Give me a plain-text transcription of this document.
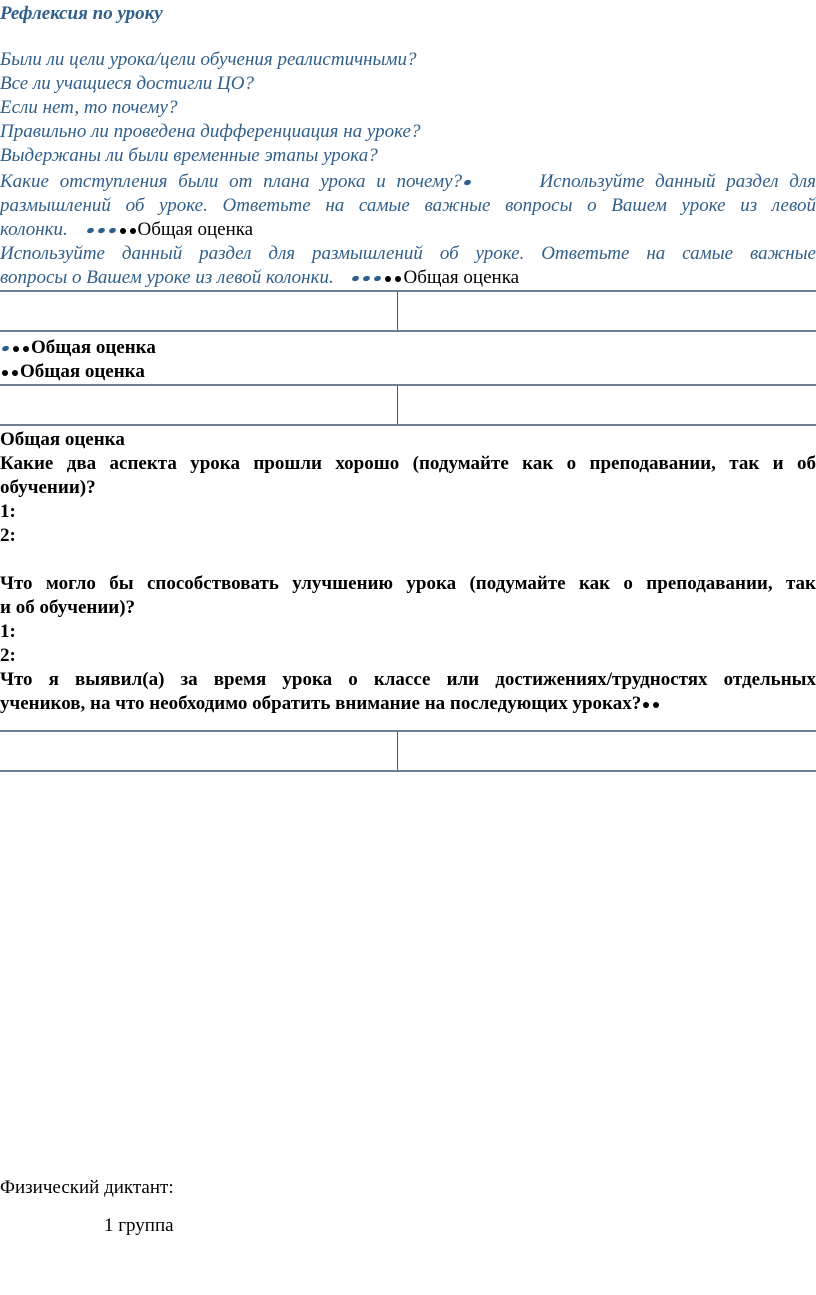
Рефлексия по уроку
Были ли цели урока/цели обучения реалистичными?
Все ли учащиеся достигли ЦО?
Если нет, то почему?
Правильно ли проведена дифференциация на уроке?
Выдержаны ли были временные этапы урока?
Какие отступления были от плана урока и почему?	Используйте данный раздел для
размышлений об уроке. Ответьте на самые важные вопросы о Вашем уроке из левой
колонки.	Общая оценка
Используйте данный раздел для размышлений об уроке. Ответьте на самые важные
вопросы о Вашем уроке из левой колонки.	Общая оценка
Общая оценка
Общая оценка
Общая оценка
Какие два аспекта урока прошли хорошо (подумайте как о преподавании, так и об
обучении)?
1:
2:
Что могло бы способствовать улучшению урока (подумайте как о преподавании, так
и об обучении)?
1:
2:
Что я выявил(а) за время урока о классе или достижениях/трудностях отдельных
учеников, на что необходимо обратить внимание на последующих уроках?
Физический диктант:
1 группа
